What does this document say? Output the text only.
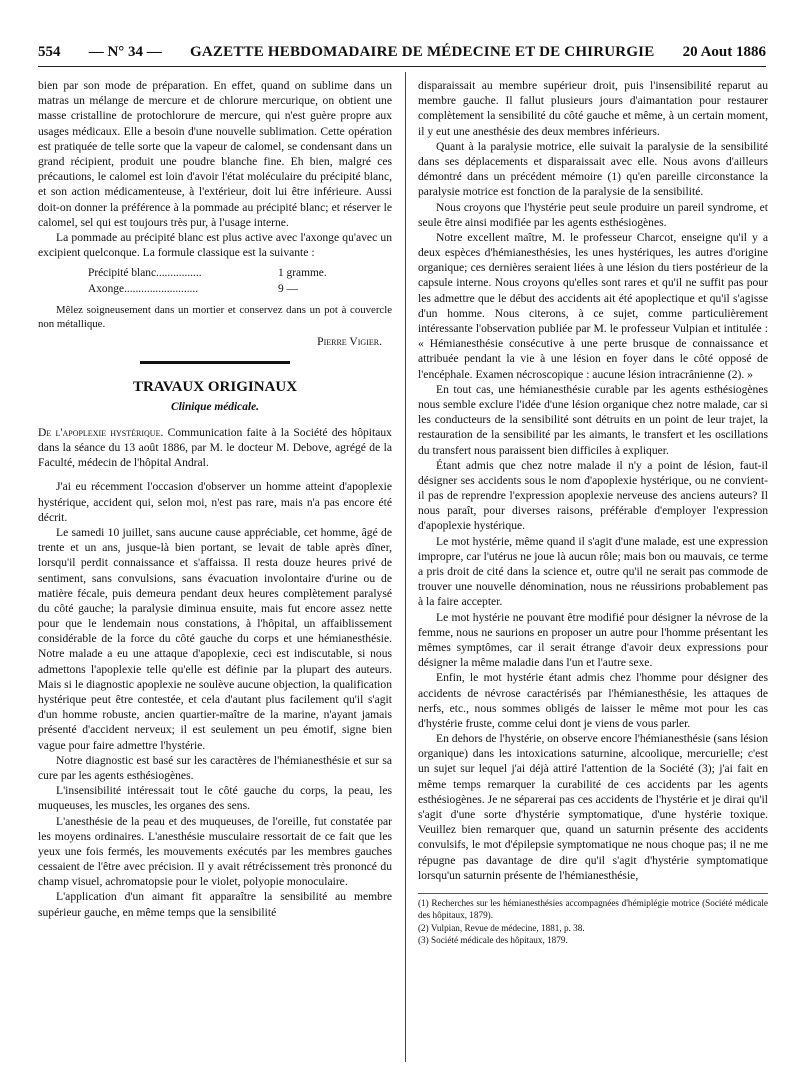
554 — N° 34 — GAZETTE HEBDOMADAIRE DE MÉDECINE ET DE CHIRURGIE 20 Aout 1886

bien par son mode de préparation. En effet, quand on sublime dans un matras un mélange de mercure et de chlorure mercurique, on obtient une masse cristalline de protochlorure de mercure, qui n'est guère propre aux usages médicaux. Elle a besoin d'une nouvelle sublimation. Cette opération est pratiquée de telle sorte que la vapeur de calomel, se condensant dans un grand récipient, produit une poudre blanche fine. Eh bien, malgré ces précautions, le calomel est loin d'avoir l'état moléculaire du précipité blanc, et son action médicamenteuse, à l'extérieur, doit lui être inférieure. Aussi doit-on donner la préférence à la pommade au précipité blanc; et réserver le calomel, sel qui est toujours très pur, à l'usage interne.

La pommade au précipité blanc est plus active avec l'axonge qu'avec un excipient quelconque. La formule classique est la suivante :

Précipité blanc................	1 gramme.
Axonge..........................	9 —

Mêlez soigneusement dans un mortier et conservez dans un pot à couvercle non métallique.

Pierre Vigier.
TRAVAUX ORIGINAUX
Clinique médicale.
De l'apoplexie hystérique. Communication faite à la Société des hôpitaux dans la séance du 13 août 1886, par M. le docteur M. Debove, agrégé de la Faculté, médecin de l'hôpital Andral.

J'ai eu récemment l'occasion d'observer un homme atteint d'apoplexie hystérique, accident qui, selon moi, n'est pas rare, mais n'a pas encore été décrit.

Le samedi 10 juillet, sans aucune cause appréciable, cet homme, âgé de trente et un ans, jusque-là bien portant, se levait de table après dîner, lorsqu'il perdit connaissance et s'affaissa. Il resta douze heures privé de sentiment, sans convulsions, sans évacuation involontaire d'urine ou de matière fécale, puis demeura pendant deux heures complètement paralysé du côté gauche; la paralysie diminua ensuite, mais fut encore assez nette pour que le lendemain nous constations, à l'hôpital, un affaiblissement considérable de la force du côté gauche du corps et une hémianesthésie. Notre malade a eu une attaque d'apoplexie, ceci est indiscutable, si nous admettons l'apoplexie telle qu'elle est définie par la plupart des auteurs. Mais si le diagnostic apoplexie ne soulève aucune objection, la qualification hystérique peut être contestée, et cela d'autant plus facilement qu'il s'agit d'un homme robuste, ancien quartier-maître de la marine, n'ayant jamais présenté d'accident nerveux; il est seulement un peu émotif, signe bien vague pour faire admettre l'hystérie.

Notre diagnostic est basé sur les caractères de l'hémianesthésie et sur sa cure par les agents esthésiogènes.

L'insensibilité intéressait tout le côté gauche du corps, la peau, les muqueuses, les muscles, les organes des sens.

L'anesthésie de la peau et des muqueuses, de l'oreille, fut constatée par les moyens ordinaires. L'anesthésie musculaire ressortait de ce fait que les yeux une fois fermés, les mouvements exécutés par les membres gauches cessaient de l'être avec précision. Il y avait rétrécissement très prononcé du champ visuel, achromatopsie pour le violet, polyopie monoculaire.

L'application d'un aimant fit apparaître la sensibilité au membre supérieur gauche, en même temps que la sensibilité

disparaissait au membre supérieur droit, puis l'insensibilité reparut au membre gauche. Il fallut plusieurs jours d'aimantation pour restaurer complètement la sensibilité du côté gauche et même, à un certain moment, il y eut une anesthésie des deux membres inférieurs.

Quant à la paralysie motrice, elle suivait la paralysie de la sensibilité dans ses déplacements et disparaissait avec elle. Nous avons d'ailleurs démontré dans un précédent mémoire (1) qu'en pareille circonstance la paralysie motrice est fonction de la paralysie de la sensibilité.

Nous croyons que l'hystérie peut seule produire un pareil syndrome, et seule être ainsi modifiée par les agents esthésiogènes.

Notre excellent maître, M. le professeur Charcot, enseigne qu'il y a deux espèces d'hémianesthésies, les unes hystériques, les autres d'origine organique; ces dernières seraient liées à une lésion du tiers postérieur de la capsule interne. Nous croyons qu'elles sont rares et qu'il ne suffit pas pour les admettre que le début des accidents ait été apoplectique et qu'il s'agisse d'un homme. Nous citerons, à ce sujet, comme particulièrement intéressante l'observation publiée par M. le professeur Vulpian et intitulée : « Hémianesthésie consécutive à une perte brusque de connaissance et attribuée pendant la vie à une lésion en foyer dans le côté opposé de l'encéphale. Examen nécroscopique : aucune lésion intracrânienne (2). »

En tout cas, une hémianesthésie curable par les agents esthésiogènes nous semble exclure l'idée d'une lésion organique chez notre malade, car si les conducteurs de la sensibilité sont détruits en un point de leur trajet, la restauration de la sensibilité par les aimants, le transfert et les oscillations du transfert nous paraissent bien difficiles à expliquer.

Étant admis que chez notre malade il n'y a point de lésion, faut-il désigner ses accidents sous le nom d'apoplexie hystérique, ou ne convient-il pas de reprendre l'expression apoplexie nerveuse des anciens auteurs? Il nous paraît, pour diverses raisons, préférable d'employer l'expression d'apoplexie hystérique.

Le mot hystérie, même quand il s'agit d'une malade, est une expression impropre, car l'utérus ne joue là aucun rôle; mais bon ou mauvais, ce terme a pris droit de cité dans la science et, outre qu'il ne serait pas commode de trouver une nouvelle dénomination, nous ne réussirions probablement pas à la faire accepter.

Le mot hystérie ne pouvant être modifié pour désigner la névrose de la femme, nous ne saurions en proposer un autre pour l'homme présentant les mêmes symptômes, car il serait étrange d'avoir deux expressions pour désigner la même maladie dans l'un et l'autre sexe.

Enfin, le mot hystérie étant admis chez l'homme pour désigner des accidents de névrose caractérisés par l'hémianesthésie, les attaques de nerfs, etc., nous sommes obligés de laisser le même mot pour les cas d'hystérie fruste, comme celui dont je viens de vous parler.

En dehors de l'hystérie, on observe encore l'hémianesthésie (sans lésion organique) dans les intoxications saturnine, alcoolique, mercurielle; c'est un sujet sur lequel j'ai déjà attiré l'attention de la Société (3); j'ai fait en même temps remarquer la curabilité de ces accidents par les agents esthésiogènes. Je ne séparerai pas ces accidents de l'hystérie et je dirai qu'il s'agit d'une sorte d'hystérie symptomatique, d'une hystérie toxique. Veuillez bien remarquer que, quand un saturnin présente des accidents convulsifs, le mot d'épilepsie symptomatique ne nous choque pas; il ne me répugne pas davantage de dire qu'il s'agit d'hystérie symptomatique lorsqu'un saturnin présente de l'hémianesthésie,

(1) Recherches sur les hémianesthésies accompagnées d'hémiplégie motrice (Société médicale des hôpitaux, 1879).
(2) Vulpian, Revue de médecine, 1881, p. 38.
(3) Société médicale des hôpitaux, 1879.
